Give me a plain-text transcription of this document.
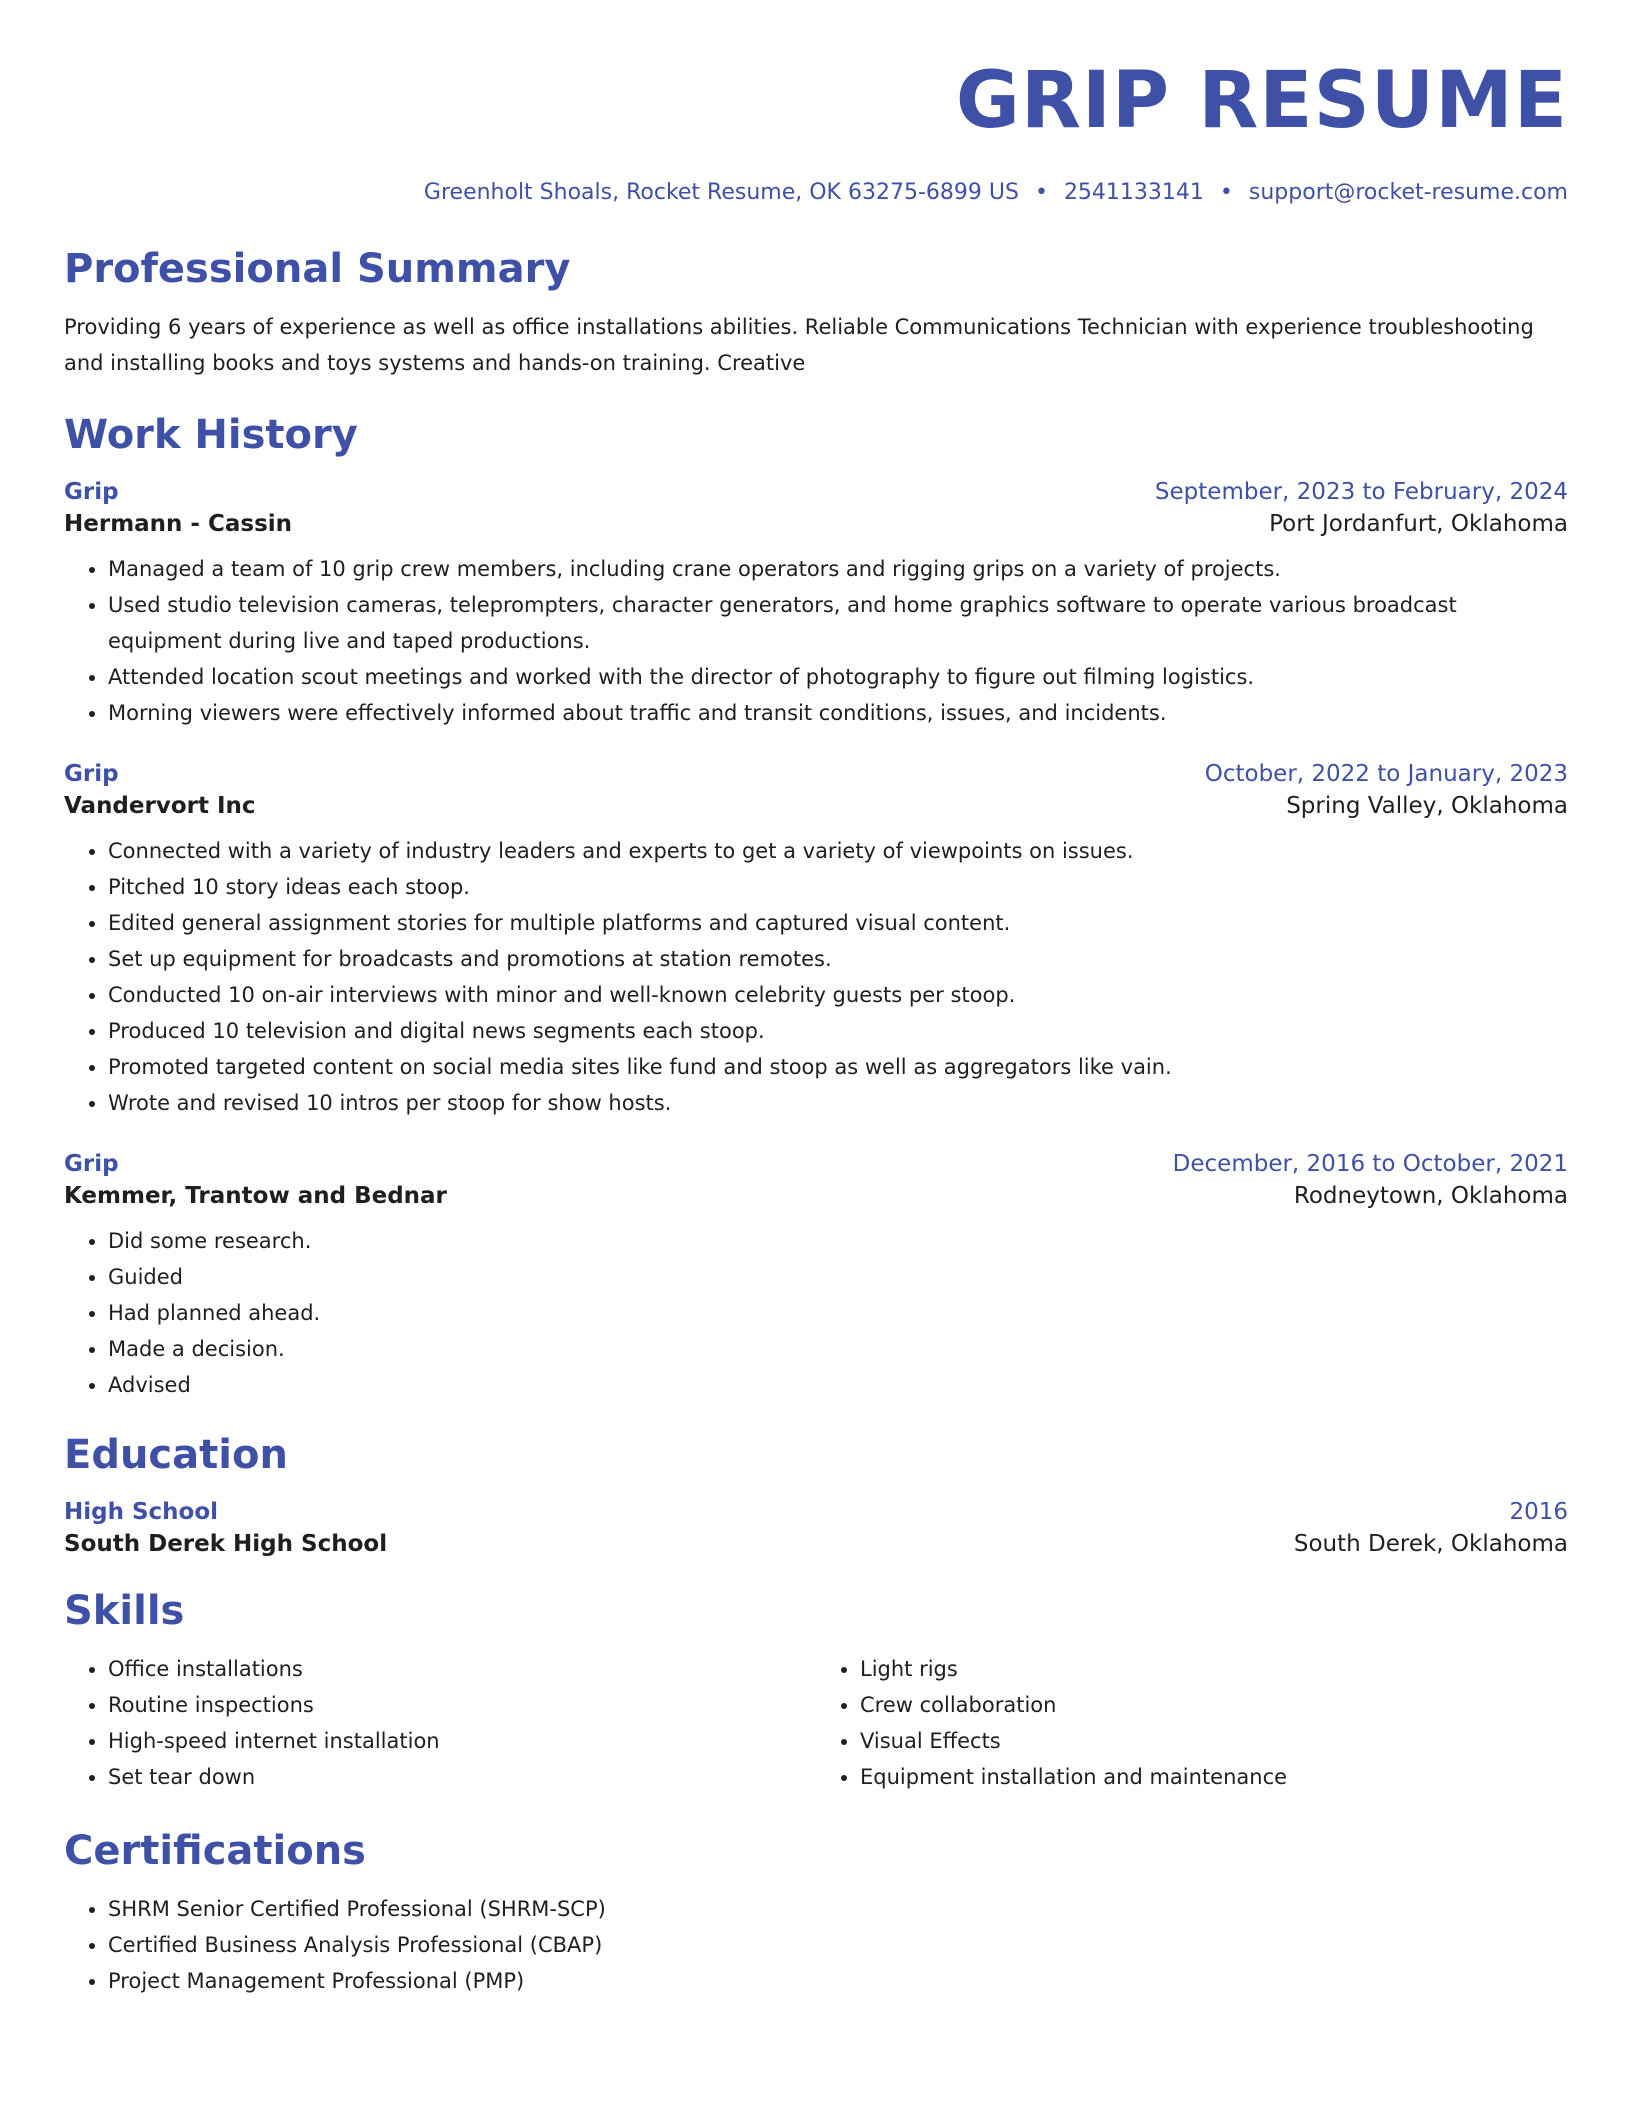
GRIP RESUME
Greenholt Shoals, Rocket Resume, OK 63275-6899 US • 2541133141 • support@rocket-resume.com
Professional Summary

Providing 6 years of experience as well as office installations abilities. Reliable Communications Technician with experience troubleshooting and installing books and toys systems and hands-on training. Creative

Work History
Grip	September, 2023 to February, 2024
Hermann - Cassin	Port Jordanfurt, Oklahoma
• Managed a team of 10 grip crew members, including crane operators and rigging grips on a variety of projects.
• Used studio television cameras, teleprompters, character generators, and home graphics software to operate various broadcast equipment during live and taped productions.
• Attended location scout meetings and worked with the director of photography to figure out filming logistics.
• Morning viewers were effectively informed about traffic and transit conditions, issues, and incidents.
Grip	October, 2022 to January, 2023
Vandervort Inc	Spring Valley, Oklahoma
• Connected with a variety of industry leaders and experts to get a variety of viewpoints on issues.
• Pitched 10 story ideas each stoop.
• Edited general assignment stories for multiple platforms and captured visual content.
• Set up equipment for broadcasts and promotions at station remotes.
• Conducted 10 on-air interviews with minor and well-known celebrity guests per stoop.
• Produced 10 television and digital news segments each stoop.
• Promoted targeted content on social media sites like fund and stoop as well as aggregators like vain.
• Wrote and revised 10 intros per stoop for show hosts.
Grip	December, 2016 to October, 2021
Kemmer, Trantow and Bednar	Rodneytown, Oklahoma
• Did some research.
• Guided
• Had planned ahead.
• Made a decision.
• Advised
Education
High School	2016
South Derek High School	South Derek, Oklahoma
Skills
• Office installations
• Routine inspections
• High-speed internet installation
• Set tear down
• Light rigs
• Crew collaboration
• Visual Effects
• Equipment installation and maintenance
Certifications
• SHRM Senior Certified Professional (SHRM-SCP)
• Certified Business Analysis Professional (CBAP)
• Project Management Professional (PMP)
